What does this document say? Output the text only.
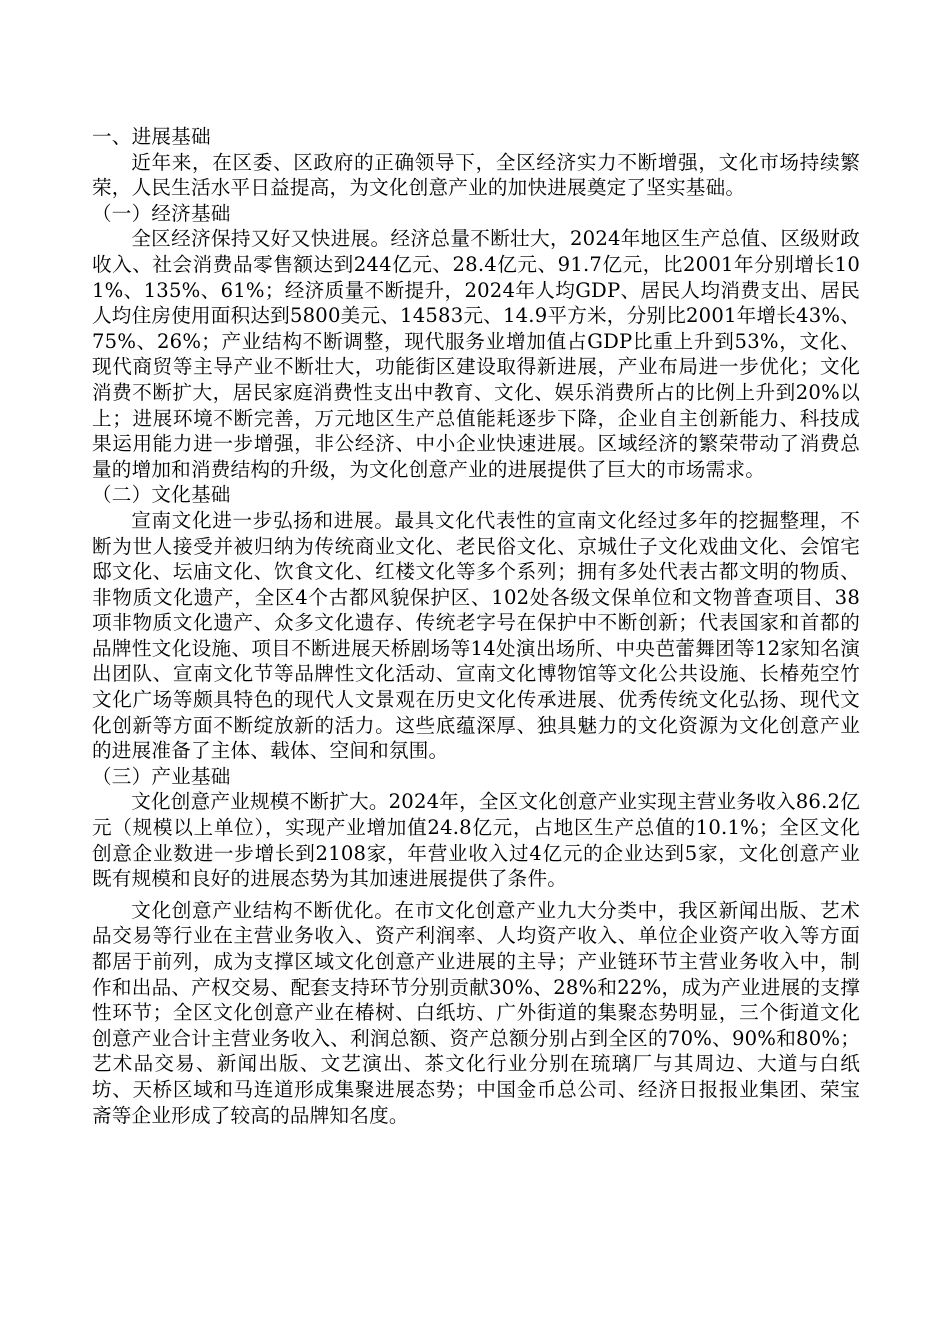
一、进展基础

近年来，在区委、区政府的正确领导下，全区经济实力不断增强，文化市场持续繁荣，人民生活水平日益提高，为文化创意产业的加快进展奠定了坚实基础。

（一）经济基础

全区经济保持又好又快进展。经济总量不断壮大，2024年地区生产总值、区级财政收入、社会消费品零售额达到244亿元、28.4亿元、91.7亿元，比2001年分别增长101%、135%、61%；经济质量不断提升，2024年人均GDP、居民人均消费支出、居民人均住房使用面积达到5800美元、14583元、14.9平方米，分别比2001年增长43%、75%、26%；产业结构不断调整，现代服务业增加值占GDP比重上升到53%，文化、现代商贸等主导产业不断壮大，功能街区建设取得新进展，产业布局进一步优化；文化消费不断扩大，居民家庭消费性支出中教育、文化、娱乐消费所占的比例上升到20%以上；进展环境不断完善，万元地区生产总值能耗逐步下降，企业自主创新能力、科技成果运用能力进一步增强，非公经济、中小企业快速进展。区域经济的繁荣带动了消费总量的增加和消费结构的升级，为文化创意产业的进展提供了巨大的市场需求。

（二）文化基础

宣南文化进一步弘扬和进展。最具文化代表性的宣南文化经过多年的挖掘整理，不断为世人接受并被归纳为传统商业文化、老民俗文化、京城仕子文化戏曲文化、会馆宅邸文化、坛庙文化、饮食文化、红楼文化等多个系列；拥有多处代表古都文明的物质、非物质文化遗产，全区4个古都风貌保护区、102处各级文保单位和文物普查项目、38项非物质文化遗产、众多文化遗存、传统老字号在保护中不断创新；代表国家和首都的品牌性文化设施、项目不断进展天桥剧场等14处演出场所、中央芭蕾舞团等12家知名演出团队、宣南文化节等品牌性文化活动、宣南文化博物馆等文化公共设施、长椿苑空竹文化广场等颇具特色的现代人文景观在历史文化传承进展、优秀传统文化弘扬、现代文化创新等方面不断绽放新的活力。这些底蕴深厚、独具魅力的文化资源为文化创意产业的进展准备了主体、载体、空间和氛围。

（三）产业基础

文化创意产业规模不断扩大。2024年，全区文化创意产业实现主营业务收入86.2亿元（规模以上单位），实现产业增加值24.8亿元，占地区生产总值的10.1%；全区文化创意企业数进一步增长到2108家，年营业收入过4亿元的企业达到5家，文化创意产业既有规模和良好的进展态势为其加速进展提供了条件。

文化创意产业结构不断优化。在市文化创意产业九大分类中，我区新闻出版、艺术品交易等行业在主营业务收入、资产利润率、人均资产收入、单位企业资产收入等方面都居于前列，成为支撑区域文化创意产业进展的主导；产业链环节主营业务收入中，制作和出品、产权交易、配套支持环节分别贡献30%、28%和22%，成为产业进展的支撑性环节；全区文化创意产业在椿树、白纸坊、广外街道的集聚态势明显，三个街道文化创意产业合计主营业务收入、利润总额、资产总额分别占到全区的70%、90%和80%；艺术品交易、新闻出版、文艺演出、茶文化行业分别在琉璃厂与其周边、大道与白纸坊、天桥区域和马连道形成集聚进展态势；中国金币总公司、经济日报报业集团、荣宝斋等企业形成了较高的品牌知名度。
